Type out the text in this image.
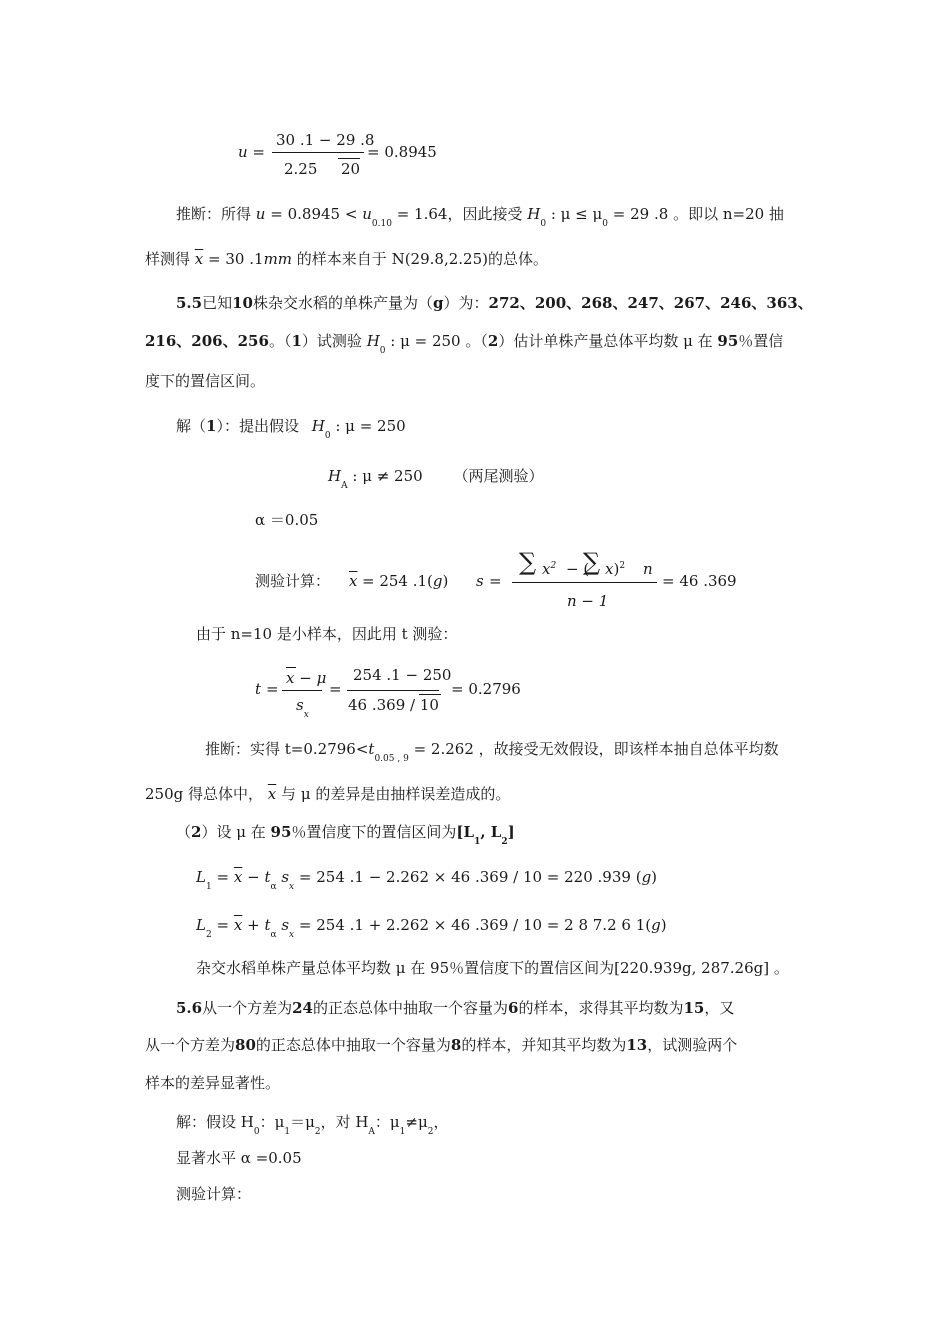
u =
30 .1 − 29 .8
2.25 20
= 0.8945
推断：所得 $u = 0.8945 < u_{0.10} = 1.64$，因此接受 $H_0$ : $\mu \le \mu_0 = 29$ .8 。即以 n=20 抽
样测得 $\overline{x} = 30$ .1mm 的样本来自于 N(29.8,2.25)的总体。
5.5已知10株杂交水稻的单株产量为（g）为：272、200、268、247、267、246、363、
216、206、256。（1）试测验 $H_0$ : μ = 250 。（2）估计单株产量总体平均数 μ 在 95％置信
度下的置信区间。
解（1）：提出假设 $H_0$ : μ = 250
$H_A$ : μ ≠ 250 （两尾测验）
α ＝0.05
测验计算： $\overline{x} = 254$ .1(g) s =
∑ $x^2$ − (
∑ x)$^2$ n
n − 1
= 46 .369
由于 n=10 是小样本，因此用 t 测验：
t =
x − μ
$s_x$
=
254 .1 − 250
46 .369 / 10
= 0.2796
推断：实得 $t=0.2796<t_{0.05 , 9} = 2.262$ ，故接受无效假设，即该样本抽自总体平均数
250g 得总体中， $\overline{x}$ 与 μ 的差异是由抽样误差造成的。
（2）设 μ 在 95％置信度下的置信区间为[$L_1$, $L_2$]
$L_1 = \overline{x} - t_\alpha$ $s_x = 254$ .1 − 2.262 × 46 .369 / 10 = 220 .939 (g)
$L_2 = \overline{x} + t_\alpha$ $s_x = 254$ .1 + 2.262 × 46 .369 / 10 = 2 8 7.2 6 1(g)
杂交水稻单株产量总体平均数 μ 在 95％置信度下的置信区间为[220.939g, 287.26g] 。
5.6从一个方差为24的正态总体中抽取一个容量为6的样本，求得其平均数为15，又
从一个方差为80的正态总体中抽取一个容量为8的样本，并知其平均数为13，试测验两个
样本的差异显著性。
解：假设 $H_0$：$\mu_1=\mu_2$，对 $H_A$：$\mu_1\ne\mu_2$，
显著水平 α =0.05
测验计算：
